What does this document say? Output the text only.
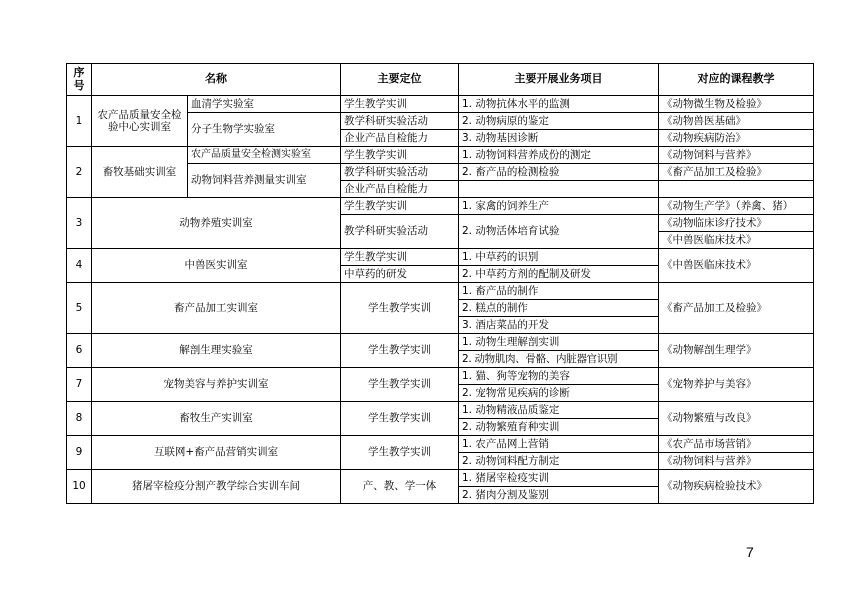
序号	名称		主要定位	主要开展业务项目	对应的课程教学
1	农产品质量安全检验中心实训室	血清学实验室	学生教学实训	1. 动物抗体水平的监测	《动物微生物及检验》
		分子生物学实验室	教学科研实验活动	2. 动物病原的鉴定	《动物兽医基础》
			企业产品自检能力	3. 动物基因诊断	《动物疾病防治》
2	畜牧基础实训室	农产品质量安全检测实验室	学生教学实训	1. 动物饲料营养成份的测定	《动物饲料与营养》
		动物饲料营养测量实训室	教学科研实验活动	2. 畜产品的检测检验	《畜产品加工及检验》
			企业产品自检能力		
3	动物养殖实训室		学生教学实训	1. 家禽的饲养生产	《动物生产学》（养禽、猪）
			教学科研实验活动	2. 动物活体培育试验	《动物临床诊疗技术》
					《中兽医临床技术》
4	中兽医实训室		学生教学实训	1. 中草药的识别	《中兽医临床技术》
			中草药的研发	2. 中草药方剂的配制及研发	
5	畜产品加工实训室		学生教学实训	1. 畜产品的制作	《畜产品加工及检验》
				2. 糕点的制作	
				3. 酒店菜品的开发	
6	解剖生理实验室		学生教学实训	1. 动物生理解剖实训	《动物解剖生理学》
				2. 动物肌肉、骨骼、内脏器官识别	
7	宠物美容与养护实训室		学生教学实训	1. 猫、狗等宠物的美容	《宠物养护与美容》
				2. 宠物常见疾病的诊断	
8	畜牧生产实训室		学生教学实训	1. 动物精液品质鉴定	《动物繁殖与改良》
				2. 动物繁殖育种实训	
9	互联网+畜产品营销实训室		学生教学实训	1. 农产品网上营销	《农产品市场营销》
				2. 动物饲料配方制定	《动物饲料与营养》
10	猪屠宰检疫分割产教学综合实训车间		产、教、学一体	1. 猪屠宰检疫实训	《动物疾病检验技术》
				2. 猪肉分割及鉴别	
7
